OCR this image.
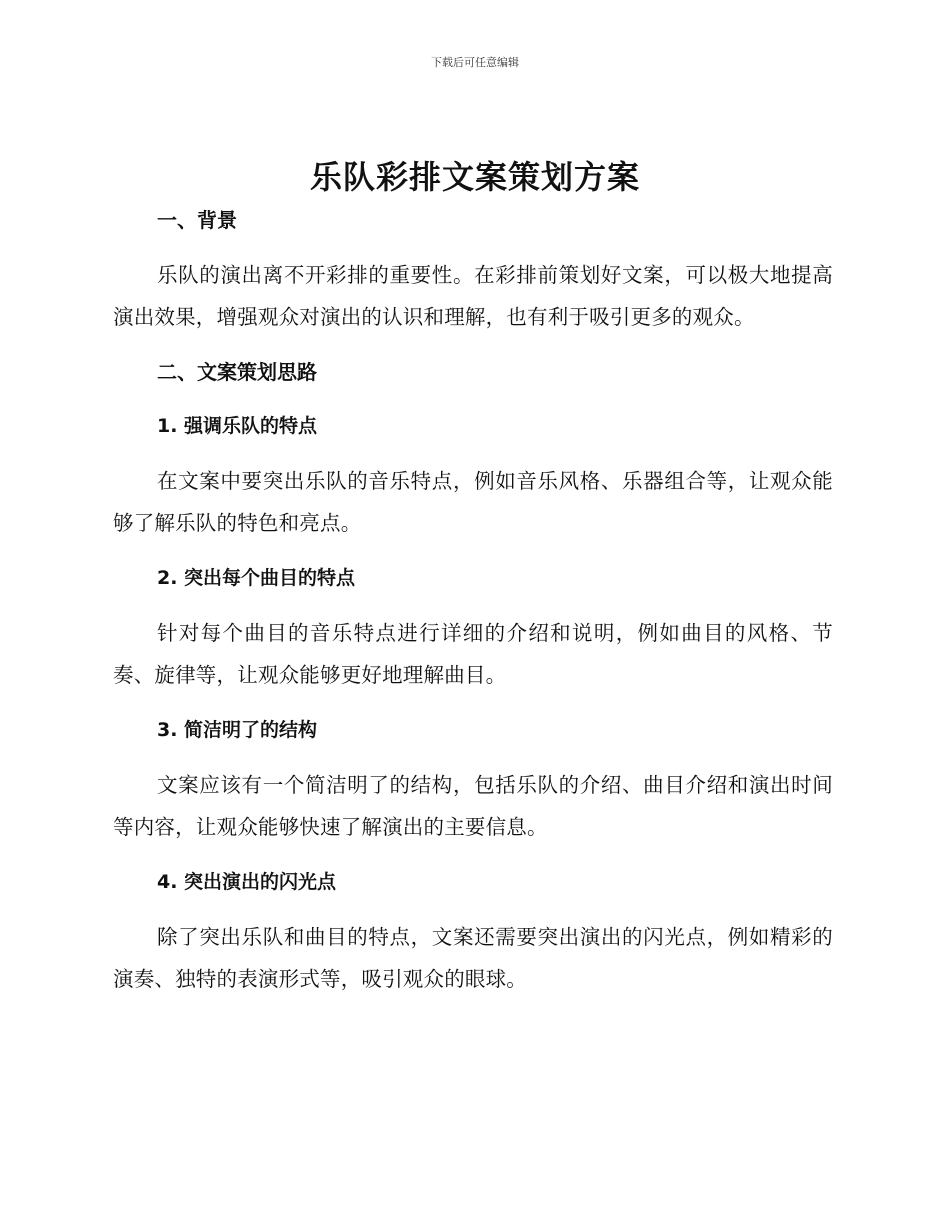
下载后可任意编辑
乐队彩排文案策划方案
一、背景

乐队的演出离不开彩排的重要性。在彩排前策划好文案，可以极大地提高演出效果，增强观众对演出的认识和理解，也有利于吸引更多的观众。

二、文案策划思路
1. 强调乐队的特点

在文案中要突出乐队的音乐特点，例如音乐风格、乐器组合等，让观众能够了解乐队的特色和亮点。

2. 突出每个曲目的特点

针对每个曲目的音乐特点进行详细的介绍和说明，例如曲目的风格、节奏、旋律等，让观众能够更好地理解曲目。

3. 简洁明了的结构

文案应该有一个简洁明了的结构，包括乐队的介绍、曲目介绍和演出时间等内容，让观众能够快速了解演出的主要信息。

4. 突出演出的闪光点

除了突出乐队和曲目的特点，文案还需要突出演出的闪光点，例如精彩的演奏、独特的表演形式等，吸引观众的眼球。
